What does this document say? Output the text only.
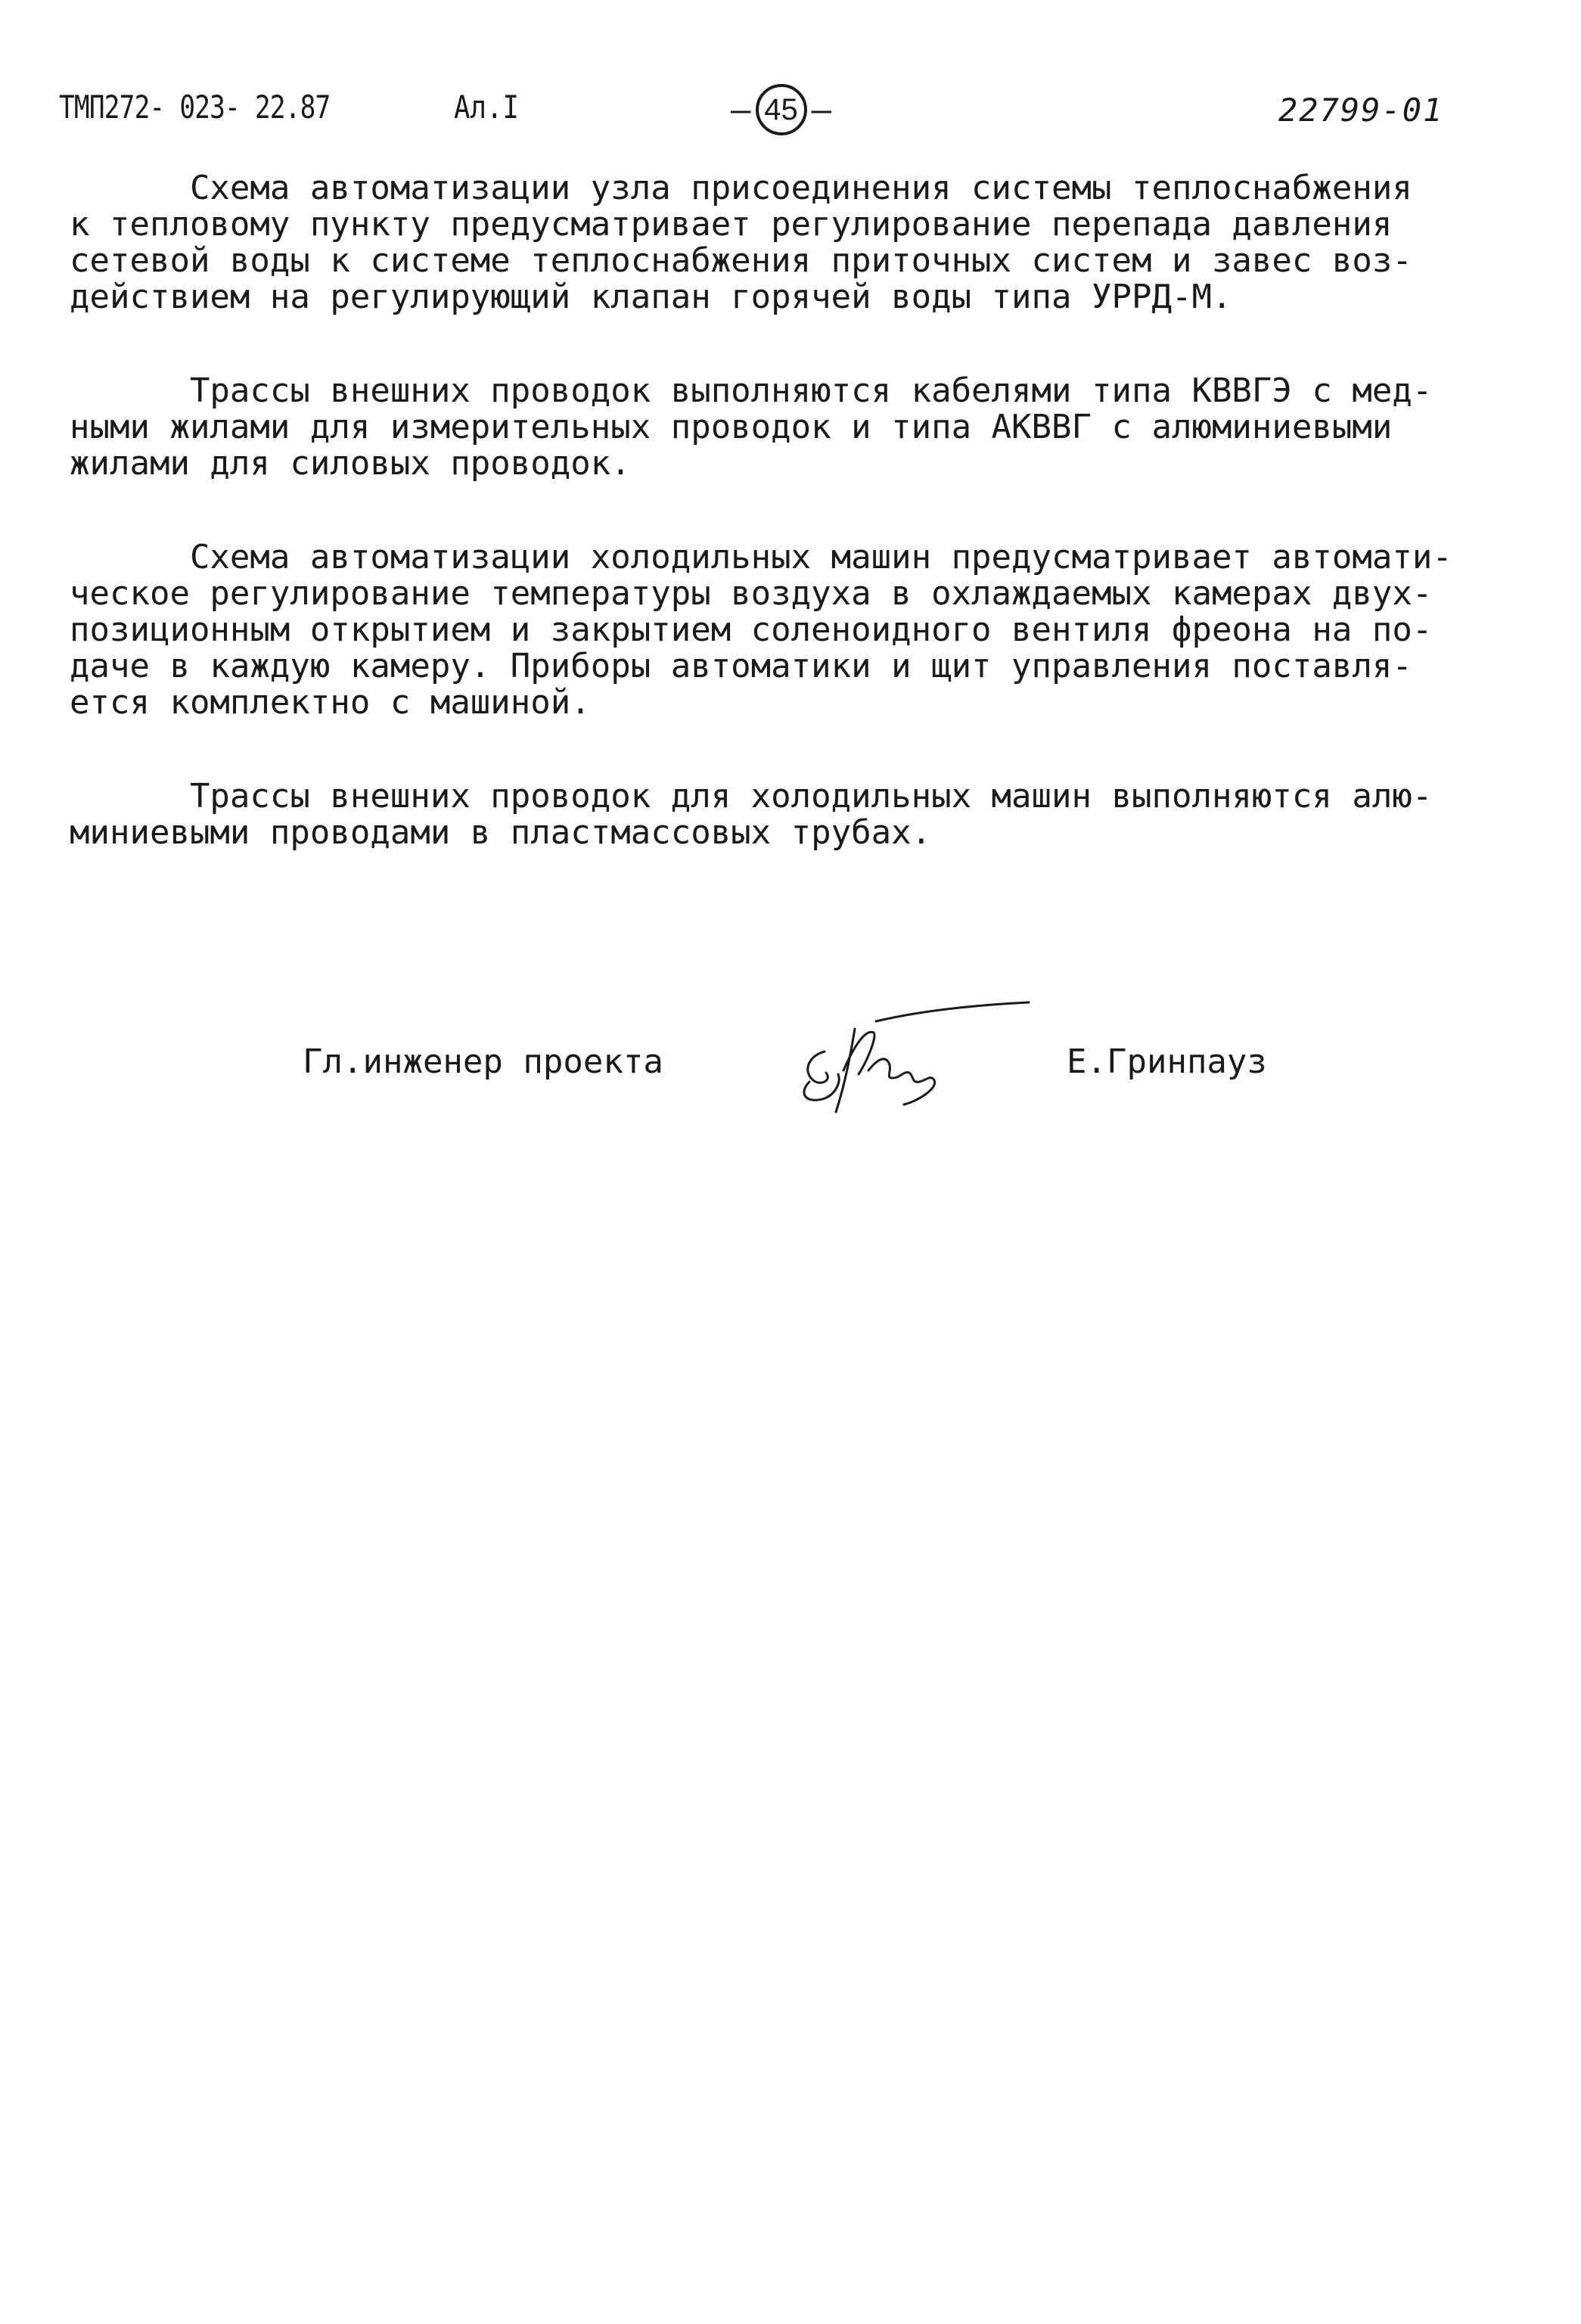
ТМП272- 023- 22.87	Ал.I	– 45 –	22799-01
Схема автоматизации узла присоединения системы теплоснабжения
к тепловому пункту предусматривает регулирование перепада давления
сетевой воды к системе теплоснабжения приточных систем и завес воз-
действием на регулирующий клапан горячей воды типа УРРД-М.
Трассы внешних проводок выполняются кабелями типа КВВГЭ с мед-
ными жилами для измерительных проводок и типа АКВВГ с алюминиевыми
жилами для силовых проводок.
Схема автоматизации холодильных машин предусматривает автомати-
ческое регулирование температуры воздуха в охлаждаемых камерах двух-
позиционным открытием и закрытием соленоидного вентиля фреона на по-
даче в каждую камеру. Приборы автоматики и щит управления поставля-
ется комплектно с машиной.
Трассы внешних проводок для холодильных машин выполняются алю-
миниевыми проводами в пластмассовых трубах.
Гл.инженер проекта	Е.Гринпауз
